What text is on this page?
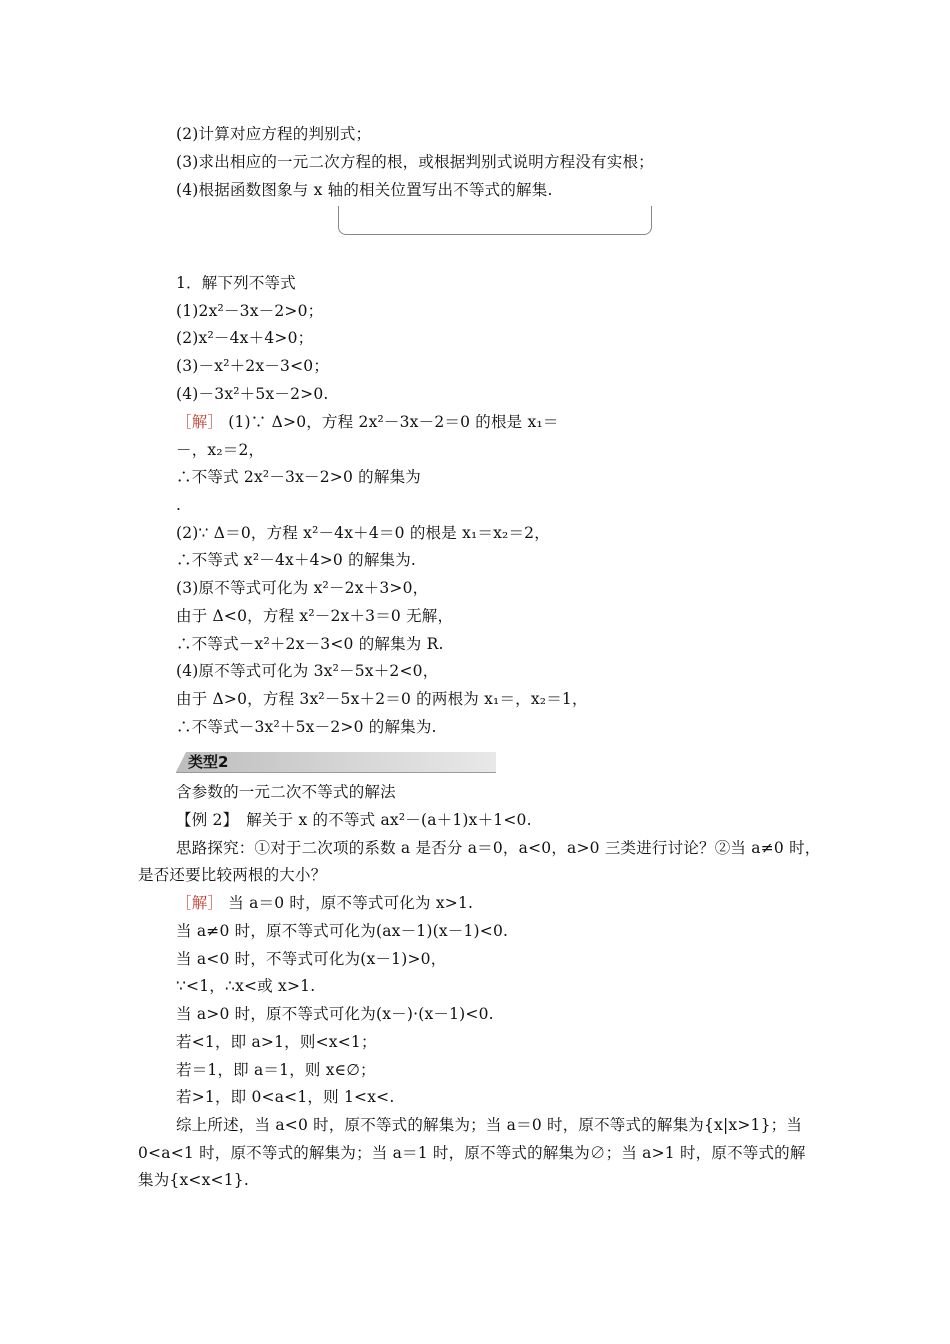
(2)计算对应方程的判别式；
(3)求出相应的一元二次方程的根，或根据判别式说明方程没有实根；
(4)根据函数图象与 x 轴的相关位置写出不等式的解集.
1．解下列不等式
(1)2x²－3x－2>0；
(2)x²－4x＋4>0；
(3)－x²＋2x－3<0；
(4)－3x²＋5x－2>0.
［解］ (1)∵ Δ>0，方程 2x²－3x－2＝0 的根是 x₁＝
－，x₂＝2，
∴不等式 2x²－3x－2>0 的解集为
.
(2)∵ Δ＝0，方程 x²－4x＋4＝0 的根是 x₁＝x₂＝2，
∴不等式 x²－4x＋4>0 的解集为.
(3)原不等式可化为 x²－2x＋3>0，
由于 Δ<0，方程 x²－2x＋3＝0 无解，
∴不等式－x²＋2x－3<0 的解集为 R.
(4)原不等式可化为 3x²－5x＋2<0，
由于 Δ>0，方程 3x²－5x＋2＝0 的两根为 x₁＝，x₂＝1，
∴不等式－3x²＋5x－2>0 的解集为.
类型2
含参数的一元二次不等式的解法
【例 2】　解关于 x 的不等式 ax²－(a＋1)x＋1<0.
思路探究：①对于二次项的系数 a 是否分 a＝0，a<0，a>0 三类进行讨论？②当 a≠0 时，
是否还要比较两根的大小？
［解］ 当 a＝0 时，原不等式可化为 x>1.
当 a≠0 时，原不等式可化为(ax－1)(x－1)<0.
当 a<0 时，不等式可化为(x－1)>0，
∵<1，∴x<或 x>1.
当 a>0 时，原不等式可化为(x－)·(x－1)<0.
若<1，即 a>1，则<x<1；
若＝1，即 a＝1，则 x∈∅；
若>1，即 0<a<1，则 1<x<.
综上所述，当 a<0 时，原不等式的解集为；当 a＝0 时，原不等式的解集为{x|x>1}；当
0<a<1 时，原不等式的解集为；当 a＝1 时，原不等式的解集为∅；当 a>1 时，原不等式的解
集为{x<x<1}.
